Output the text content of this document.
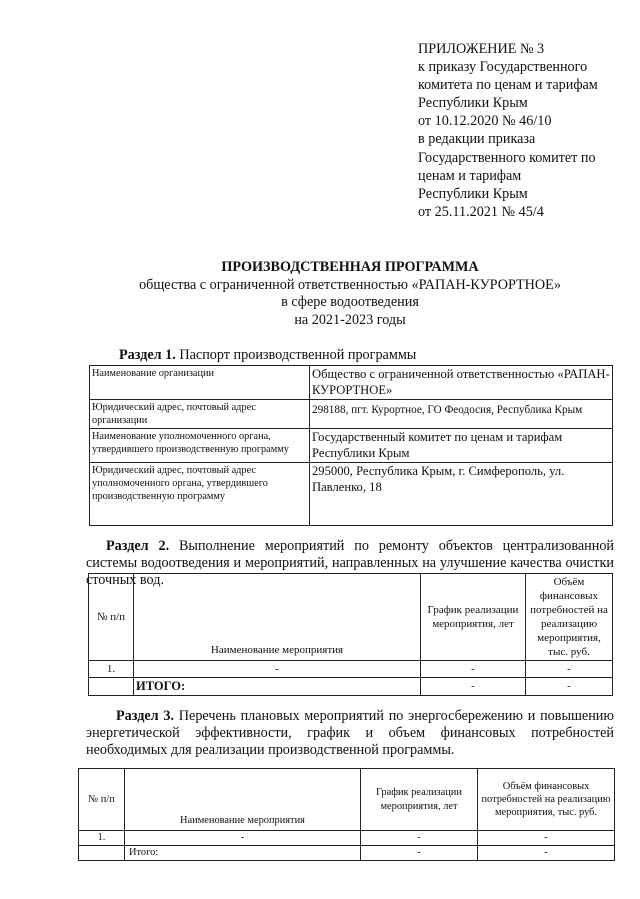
ПРИЛОЖЕНИЕ № 3
к приказу Государственного
комитета по ценам и тарифам
Республики Крым
от 10.12.2020 № 46/10
в редакции приказа
Государственного комитет по
ценам и тарифам
Республики Крым
от 25.11.2021 № 45/4
ПРОИЗВОДСТВЕННАЯ ПРОГРАММА
общества с ограниченной ответственностью «РАПАН-КУРОРТНОЕ»
в сфере водоотведения
на 2021-2023 годы
Раздел 1. Паспорт производственной программы
Наименование организации	Общество с ограниченной ответственностью «РАПАН-КУРОРТНОЕ»
Юридический адрес, почтовый адрес организации	298188, пгт. Курортное, ГО Феодосия, Республика Крым
Наименование уполномоченного органа, утвердившего производственную программу	Государственный комитет по ценам и тарифам Республики Крым
Юридический адрес, почтовый адрес уполномоченного органа, утвердившего производственную программу	295000, Республика Крым, г. Симферополь, ул. Павленко, 18
Раздел 2. Выполнение мероприятий по ремонту объектов централизованной системы водоотведения и мероприятий, направленных на улучшение качества очистки сточных вод.
№ п/п	Наименование мероприятия	График реализации мероприятия, лет	Объём финансовых потребностей на реализацию мероприятия, тыс. руб.
1.	-	-	-
	ИТОГО:	-	-
Раздел 3. Перечень плановых мероприятий по энергосбережению и повышению энергетической эффективности, график и объем финансовых потребностей необходимых для реализации производственной программы.
№ п/п	Наименование мероприятия	График реализации мероприятия, лет	Объём финансовых потребностей на реализацию мероприятия, тыс. руб.
1.	-	-	-
	Итого:	-	-
